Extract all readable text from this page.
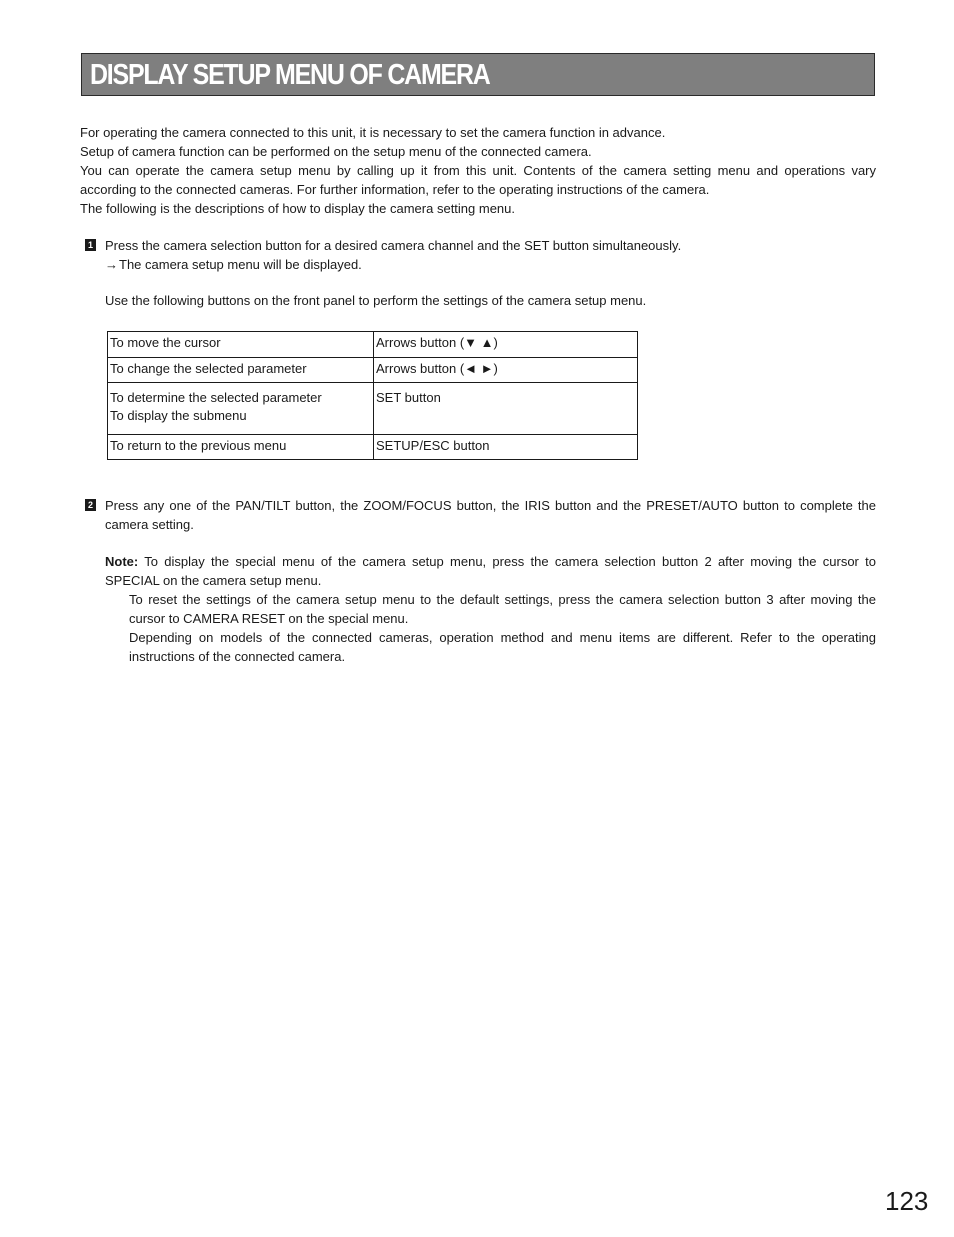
DISPLAY SETUP MENU OF CAMERA

For operating the camera connected to this unit, it is necessary to set the camera function in advance.

Setup of camera function can be performed on the setup menu of the connected camera.

You can operate the camera setup menu by calling up it from this unit. Contents of the camera setting menu and operations vary according to the connected cameras. For further information, refer to the operating instructions of the camera.

The following is the descriptions of how to display the camera setting menu.

1 Press the camera selection button for a desired camera channel and the SET button simultaneously.

→The camera setup menu will be displayed.

Use the following buttons on the front panel to perform the settings of the camera setup menu.
To move the cursor	Arrows button (▼ ▲)
To change the selected parameter	Arrows button (◄ ►)

To determine the selected parameter
To display the submenu	SET button
To return to the previous menu	SETUP/ESC button
2 Press any one of the PAN/TILT button, the ZOOM/FOCUS button, the IRIS button and the PRESET/AUTO button to complete the camera setting.

Note: To display the special menu of the camera setup menu, press the camera selection button 2 after moving the cursor to SPECIAL on the camera setup menu.

To reset the settings of the camera setup menu to the default settings, press the camera selection button 3 after moving the cursor to CAMERA RESET on the special menu.

Depending on models of the connected cameras, operation method and menu items are different. Refer to the operating instructions of the connected camera.

123
